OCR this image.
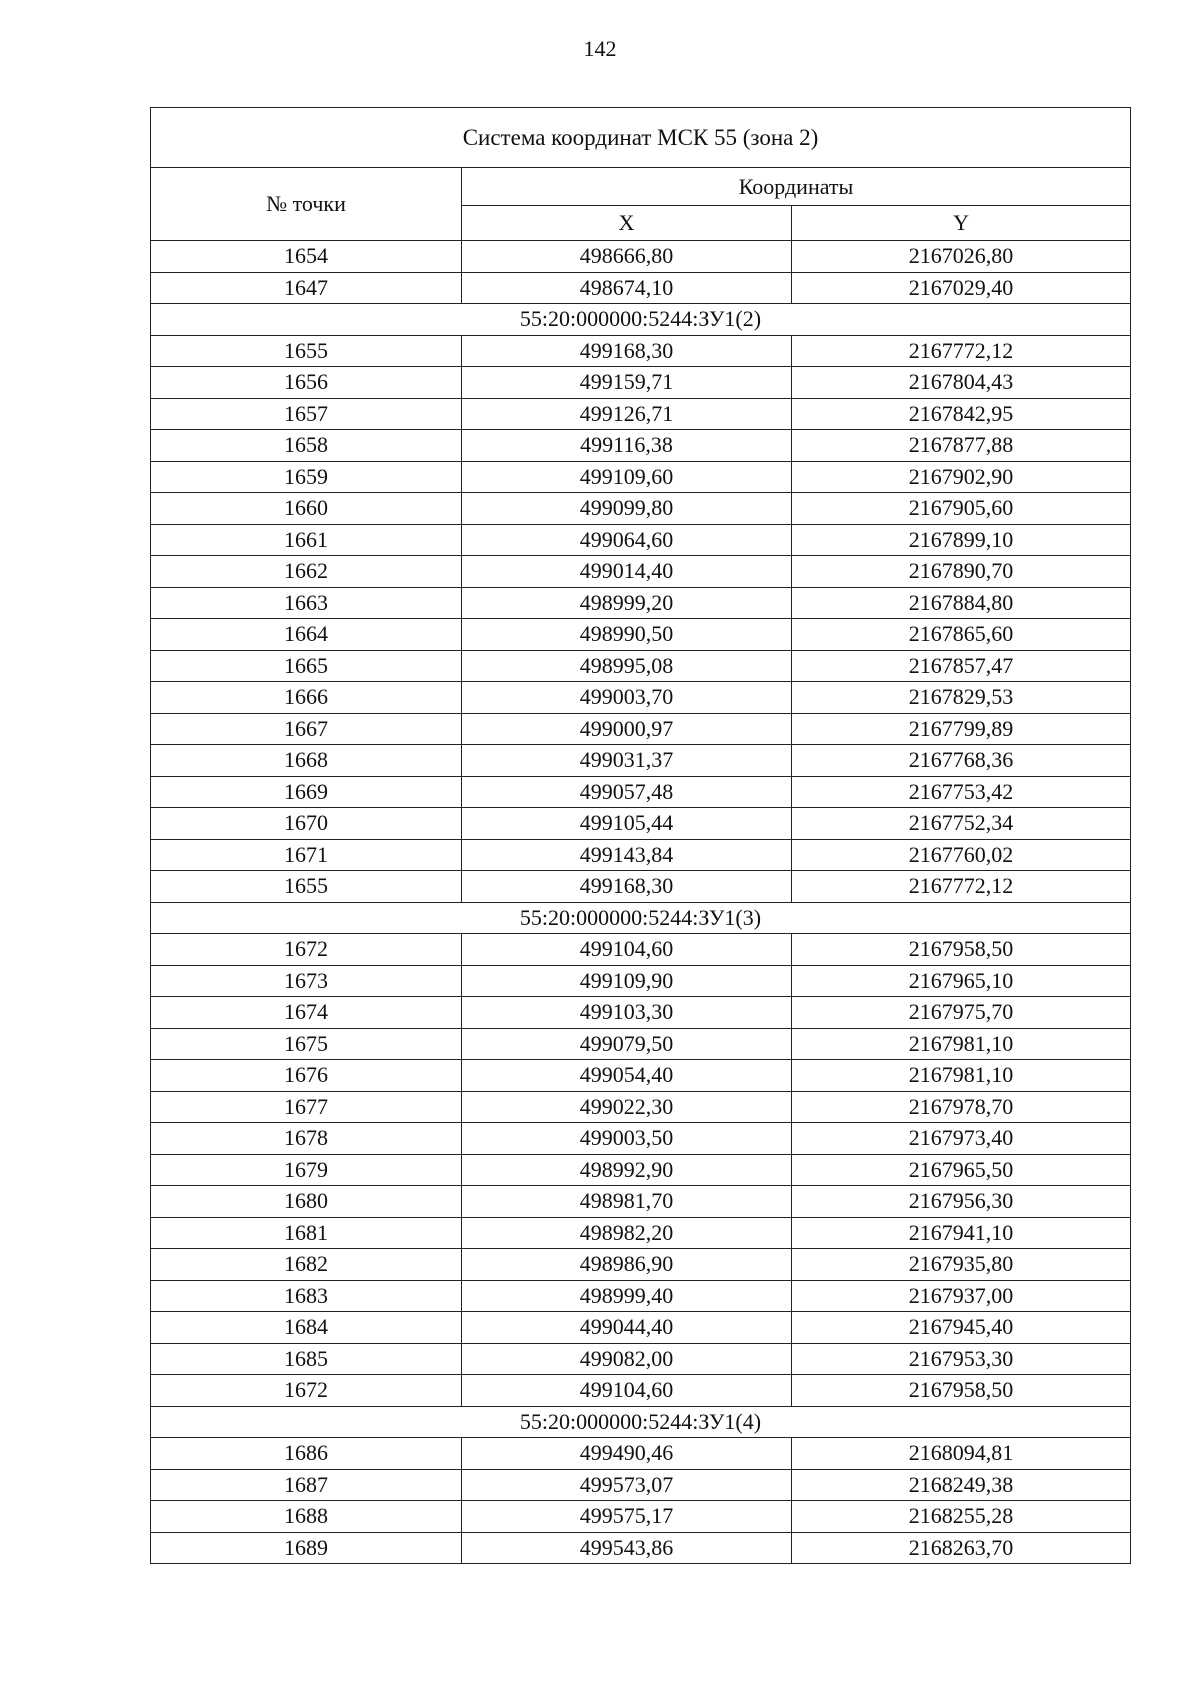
142
Система координат МСК 55 (зона 2)		
№ точки	Координаты	
	X	Y
1654	498666,80	2167026,80
1647	498674,10	2167029,40
55:20:000000:5244:ЗУ1(2)		
1655	499168,30	2167772,12
1656	499159,71	2167804,43
1657	499126,71	2167842,95
1658	499116,38	2167877,88
1659	499109,60	2167902,90
1660	499099,80	2167905,60
1661	499064,60	2167899,10
1662	499014,40	2167890,70
1663	498999,20	2167884,80
1664	498990,50	2167865,60
1665	498995,08	2167857,47
1666	499003,70	2167829,53
1667	499000,97	2167799,89
1668	499031,37	2167768,36
1669	499057,48	2167753,42
1670	499105,44	2167752,34
1671	499143,84	2167760,02
1655	499168,30	2167772,12
55:20:000000:5244:ЗУ1(3)		
1672	499104,60	2167958,50
1673	499109,90	2167965,10
1674	499103,30	2167975,70
1675	499079,50	2167981,10
1676	499054,40	2167981,10
1677	499022,30	2167978,70
1678	499003,50	2167973,40
1679	498992,90	2167965,50
1680	498981,70	2167956,30
1681	498982,20	2167941,10
1682	498986,90	2167935,80
1683	498999,40	2167937,00
1684	499044,40	2167945,40
1685	499082,00	2167953,30
1672	499104,60	2167958,50
55:20:000000:5244:ЗУ1(4)		
1686	499490,46	2168094,81
1687	499573,07	2168249,38
1688	499575,17	2168255,28
1689	499543,86	2168263,70
